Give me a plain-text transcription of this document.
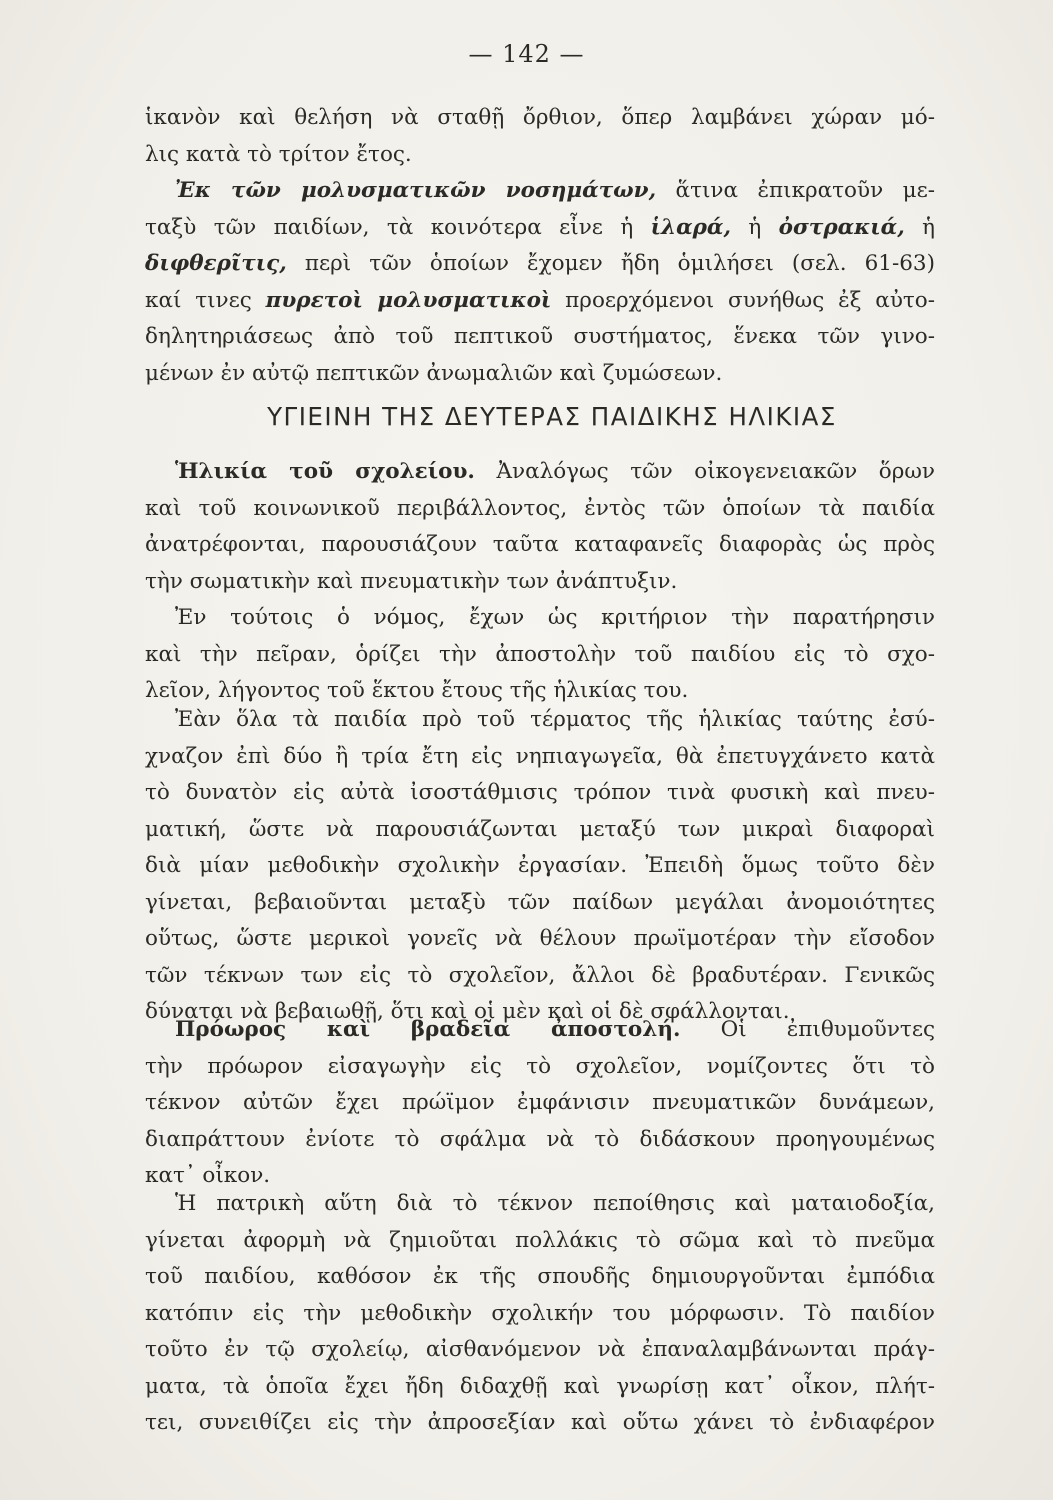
— 142 —
ἱκανὸν καὶ θελήση νὰ σταθῇ ὄρθιον, ὅπερ λαμβάνει χώραν μό-
λις κατὰ τὸ τρίτον ἔτος.
Ἐκ τῶν μολυσματικῶν νοσημάτων, ἅτινα ἐπικρατοῦν με-
ταξὺ τῶν παιδίων, τὰ κοινότερα εἶνε ἡ ἱλαρά, ἡ ὀστρακιά, ἡ
διφθερῖτις, περὶ τῶν ὁποίων ἔχομεν ἤδη ὁμιλήσει (σελ. 61-63)
καί τινες πυρετοὶ μολυσματικοὶ προερχόμενοι συνήθως ἐξ αὐτο-
δηλητηριάσεως ἀπὸ τοῦ πεπτικοῦ συστήματος, ἕνεκα τῶν γινο-
μένων ἐν αὐτῷ πεπτικῶν ἀνωμαλιῶν καὶ ζυμώσεων.
ΥΓΙΕΙΝΗ ΤΗΣ ΔΕΥΤΕΡΑΣ ΠΑΙΔΙΚΗΣ ΗΛΙΚΙΑΣ
Ἡλικία τοῦ σχολείου. Ἀναλόγως τῶν οἰκογενειακῶν ὅρων
καὶ τοῦ κοινωνικοῦ περιβάλλοντος, ἐντὸς τῶν ὁποίων τὰ παιδία
ἀνατρέφονται, παρουσιάζουν ταῦτα καταφανεῖς διαφορὰς ὡς πρὸς
τὴν σωματικὴν καὶ πνευματικὴν των ἀνάπτυξιν.
Ἐν τούτοις ὁ νόμος, ἔχων ὡς κριτήριον τὴν παρατήρησιν
καὶ τὴν πεῖραν, ὁρίζει τὴν ἀποστολὴν τοῦ παιδίου εἰς τὸ σχο-
λεῖον, λήγοντος τοῦ ἕκτου ἔτους τῆς ἡλικίας του.
Ἐὰν ὅλα τὰ παιδία πρὸ τοῦ τέρματος τῆς ἡλικίας ταύτης ἐσύ-
χναζον ἐπὶ δύο ἢ τρία ἔτη εἰς νηπιαγωγεῖα, θὰ ἐπετυγχάνετο κατὰ
τὸ δυνατὸν εἰς αὐτὰ ἰσοστάθμισις τρόπον τινὰ φυσικὴ καὶ πνευ-
ματική, ὥστε νὰ παρουσιάζωνται μεταξύ των μικραὶ διαφοραὶ
διὰ μίαν μεθοδικὴν σχολικὴν ἐργασίαν. Ἐπειδὴ ὅμως τοῦτο δὲν
γίνεται, βεβαιοῦνται μεταξὺ τῶν παίδων μεγάλαι ἀνομοιότητες
οὕτως, ὥστε μερικοὶ γονεῖς νὰ θέλουν πρωϊμοτέραν τὴν εἴσοδον
τῶν τέκνων των εἰς τὸ σχολεῖον, ἄλλοι δὲ βραδυτέραν. Γενικῶς
δύναται νὰ βεβαιωθῇ, ὅτι καὶ οἱ μὲν καὶ οἱ δὲ σφάλλονται.
Πρόωρος καὶ βραδεῖα ἀποστολή. Οἱ ἐπιθυμοῦντες
τὴν πρόωρον εἰσαγωγὴν εἰς τὸ σχολεῖον, νομίζοντες ὅτι τὸ
τέκνον αὐτῶν ἔχει πρώϊμον ἐμφάνισιν πνευματικῶν δυνάμεων,
διαπράττουν ἐνίοτε τὸ σφάλμα νὰ τὸ διδάσκουν προηγουμένως
κατ᾿ οἶκον.
Ἡ πατρικὴ αὕτη διὰ τὸ τέκνον πεποίθησις καὶ ματαιοδοξία,
γίνεται ἀφορμὴ νὰ ζημιοῦται πολλάκις τὸ σῶμα καὶ τὸ πνεῦμα
τοῦ παιδίου, καθόσον ἐκ τῆς σπουδῆς δημιουργοῦνται ἐμπόδια
κατόπιν εἰς τὴν μεθοδικὴν σχολικήν του μόρφωσιν. Τὸ παιδίον
τοῦτο ἐν τῷ σχολείῳ, αἰσθανόμενον νὰ ἐπαναλαμβάνωνται πράγ-
ματα, τὰ ὁποῖα ἔχει ἤδη διδαχθῇ καὶ γνωρίσῃ κατ᾿ οἶκον, πλήτ-
τει, συνειθίζει εἰς τὴν ἀπροσεξίαν καὶ οὕτω χάνει τὸ ἐνδιαφέρον
